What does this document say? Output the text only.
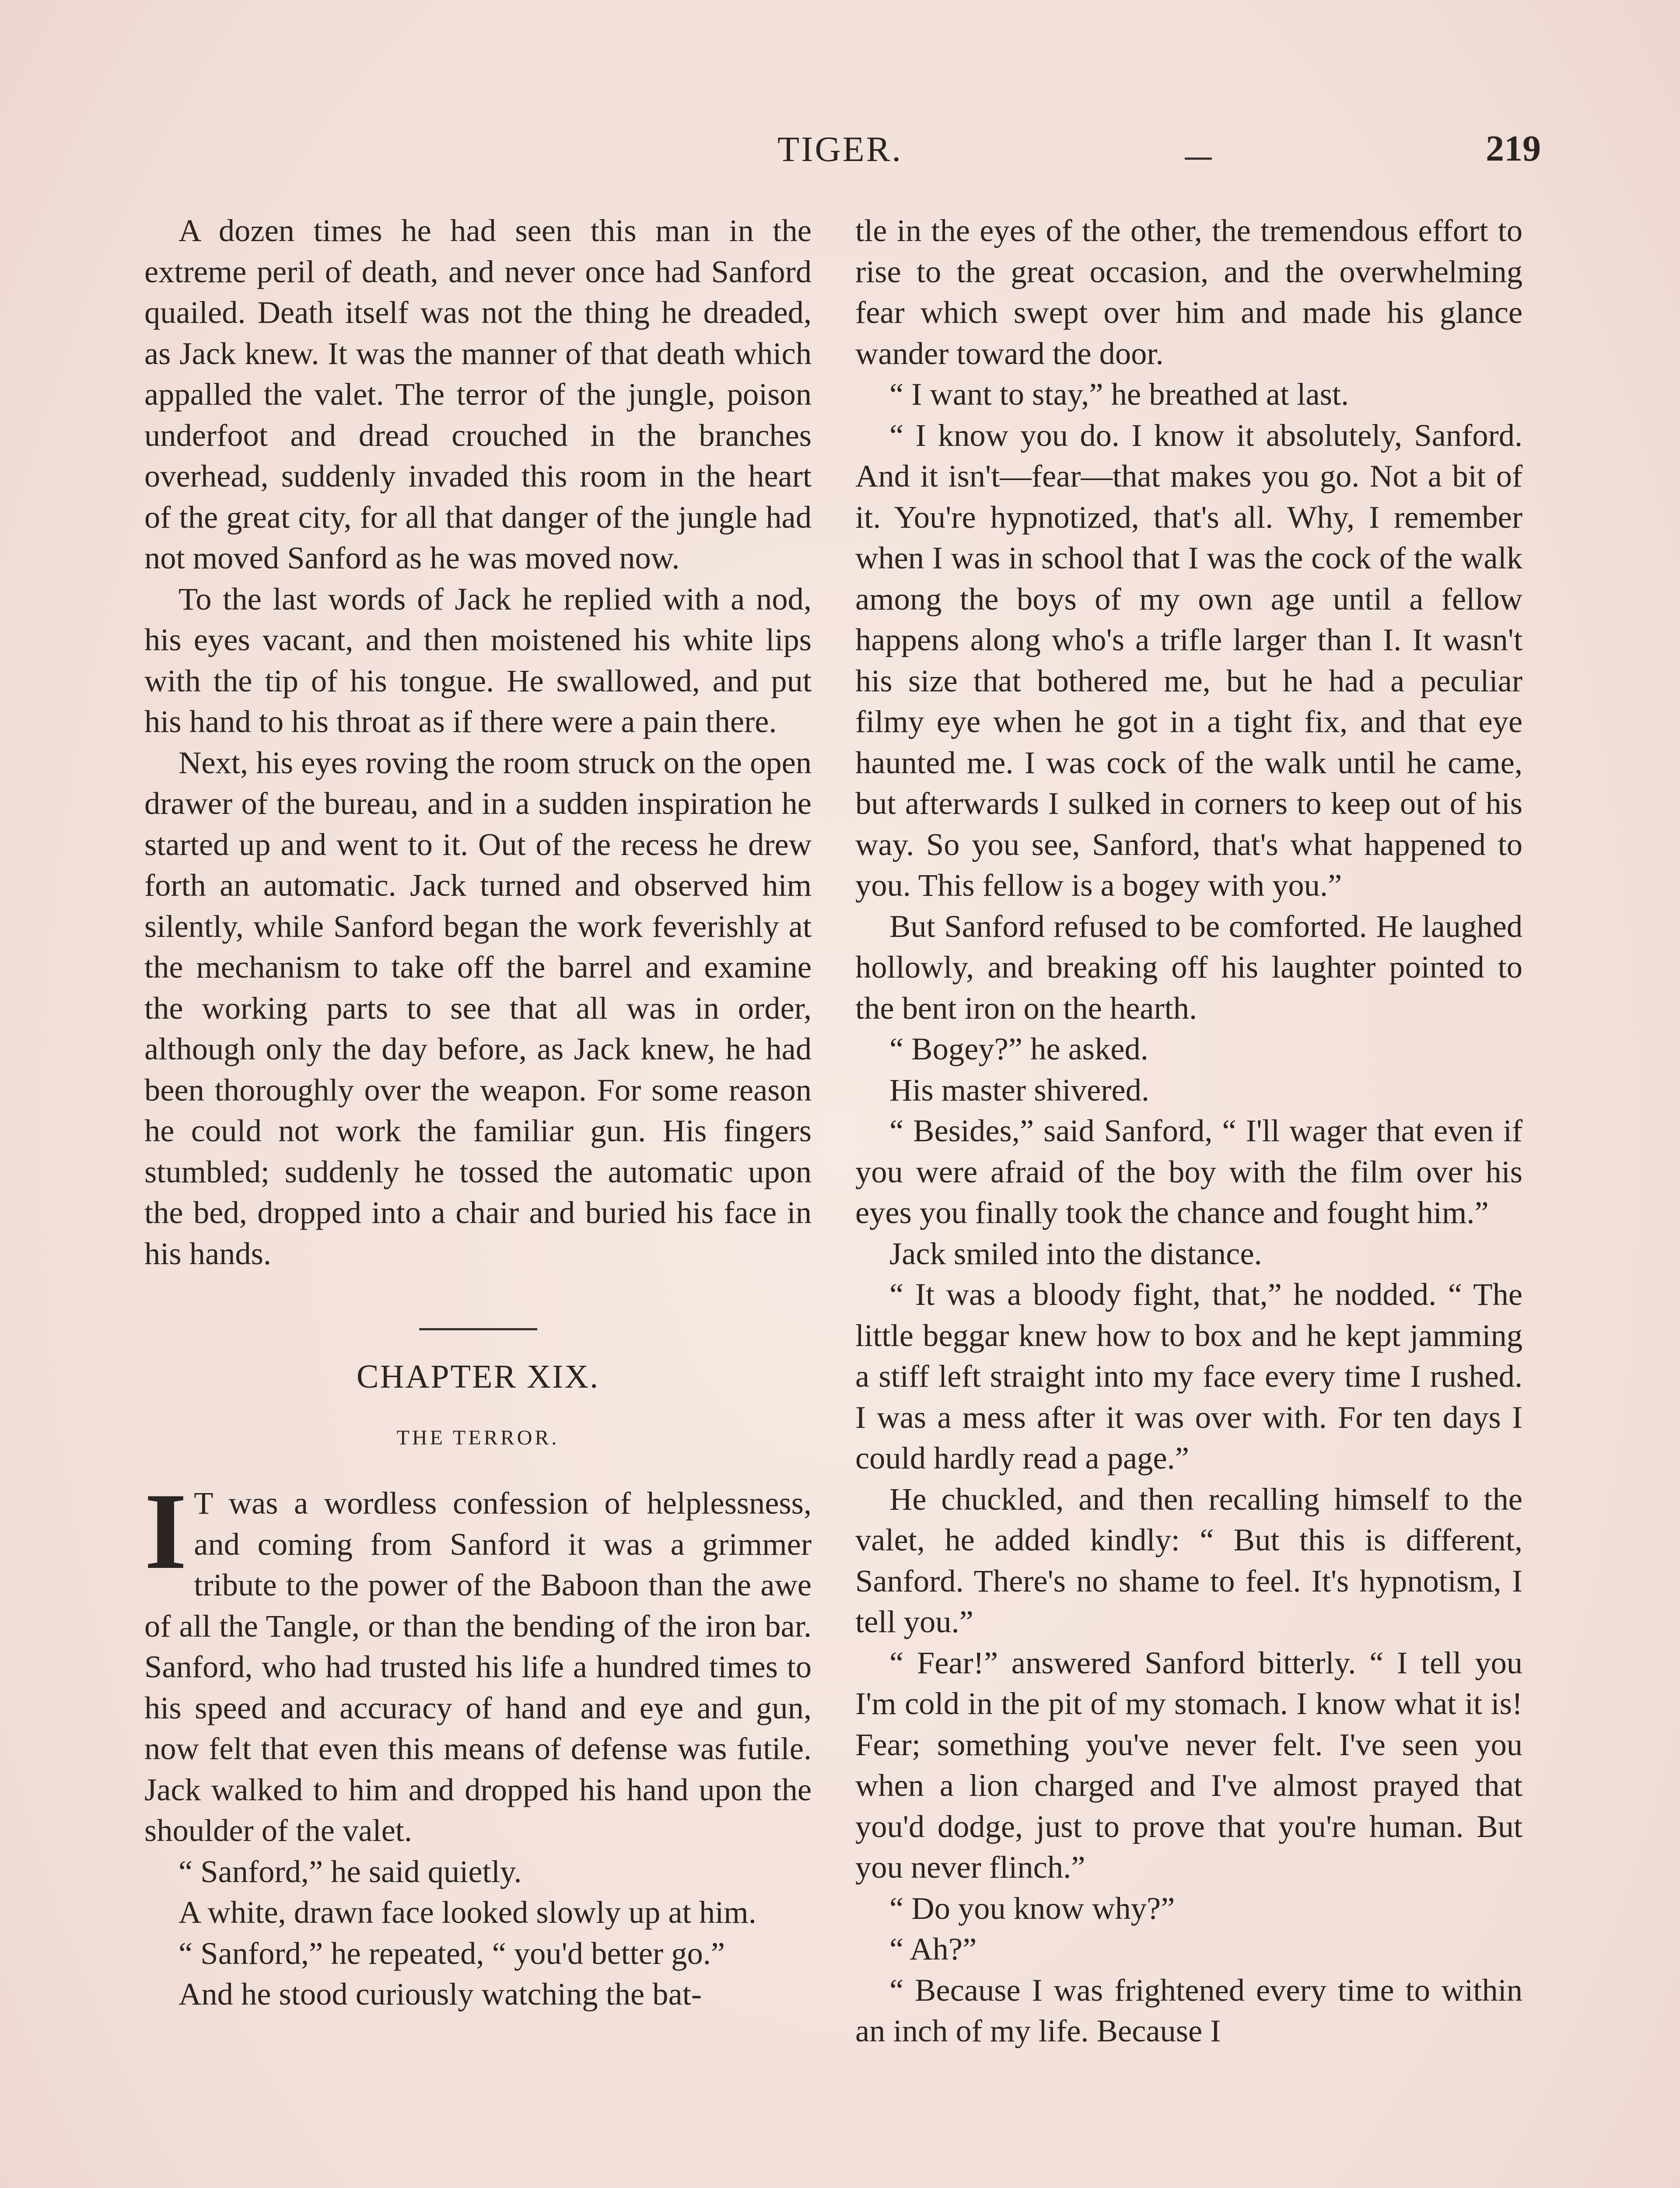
TIGER.	219

A dozen times he had seen this man in the extreme peril of death, and never once had Sanford quailed. Death itself was not the thing he dreaded, as Jack knew. It was the manner of that death which appalled the valet. The terror of the jungle, poison underfoot and dread crouched in the branches overhead, suddenly invaded this room in the heart of the great city, for all that danger of the jungle had not moved Sanford as he was moved now.

To the last words of Jack he replied with a nod, his eyes vacant, and then moistened his white lips with the tip of his tongue. He swallowed, and put his hand to his throat as if there were a pain there.

Next, his eyes roving the room struck on the open drawer of the bureau, and in a sudden inspiration he started up and went to it. Out of the recess he drew forth an automatic. Jack turned and observed him silently, while Sanford began the work feverishly at the mechanism to take off the barrel and examine the working parts to see that all was in order, although only the day before, as Jack knew, he had been thoroughly over the weapon. For some reason he could not work the familiar gun. His fingers stumbled; suddenly he tossed the automatic upon the bed, dropped into a chair and buried his face in his hands.

CHAPTER XIX.
THE TERROR.

I T was a wordless confession of helplessness, and coming from Sanford it was a grimmer tribute to the power of the Baboon than the awe of all the Tangle, or than the bending of the iron bar. Sanford, who had trusted his life a hundred times to his speed and accuracy of hand and eye and gun, now felt that even this means of defense was futile. Jack walked to him and dropped his hand upon the shoulder of the valet.

“ Sanford,” he said quietly.

A white, drawn face looked slowly up at him.

“ Sanford,” he repeated, “ you'd better go.”

And he stood curiously watching the bat-

tle in the eyes of the other, the tremendous effort to rise to the great occasion, and the overwhelming fear which swept over him and made his glance wander toward the door.

“ I want to stay,” he breathed at last.

“ I know you do. I know it absolutely, Sanford. And it isn't—fear—that makes you go. Not a bit of it. You're hypnotized, that's all. Why, I remember when I was in school that I was the cock of the walk among the boys of my own age until a fellow happens along who's a trifle larger than I. It wasn't his size that bothered me, but he had a peculiar filmy eye when he got in a tight fix, and that eye haunted me. I was cock of the walk until he came, but afterwards I sulked in corners to keep out of his way. So you see, Sanford, that's what happened to you. This fellow is a bogey with you.”

But Sanford refused to be comforted. He laughed hollowly, and breaking off his laughter pointed to the bent iron on the hearth.

“ Bogey?” he asked.

His master shivered.

“ Besides,” said Sanford, “ I'll wager that even if you were afraid of the boy with the film over his eyes you finally took the chance and fought him.”

Jack smiled into the distance.

“ It was a bloody fight, that,” he nodded. “ The little beggar knew how to box and he kept jamming a stiff left straight into my face every time I rushed. I was a mess after it was over with. For ten days I could hardly read a page.”

He chuckled, and then recalling himself to the valet, he added kindly: “ But this is different, Sanford. There's no shame to feel. It's hypnotism, I tell you.”

“ Fear!” answered Sanford bitterly. “ I tell you I'm cold in the pit of my stomach. I know what it is! Fear; something you've never felt. I've seen you when a lion charged and I've almost prayed that you'd dodge, just to prove that you're human. But you never flinch.”

“ Do you know why?”

“ Ah?”

“ Because I was frightened every time to within an inch of my life. Because I
